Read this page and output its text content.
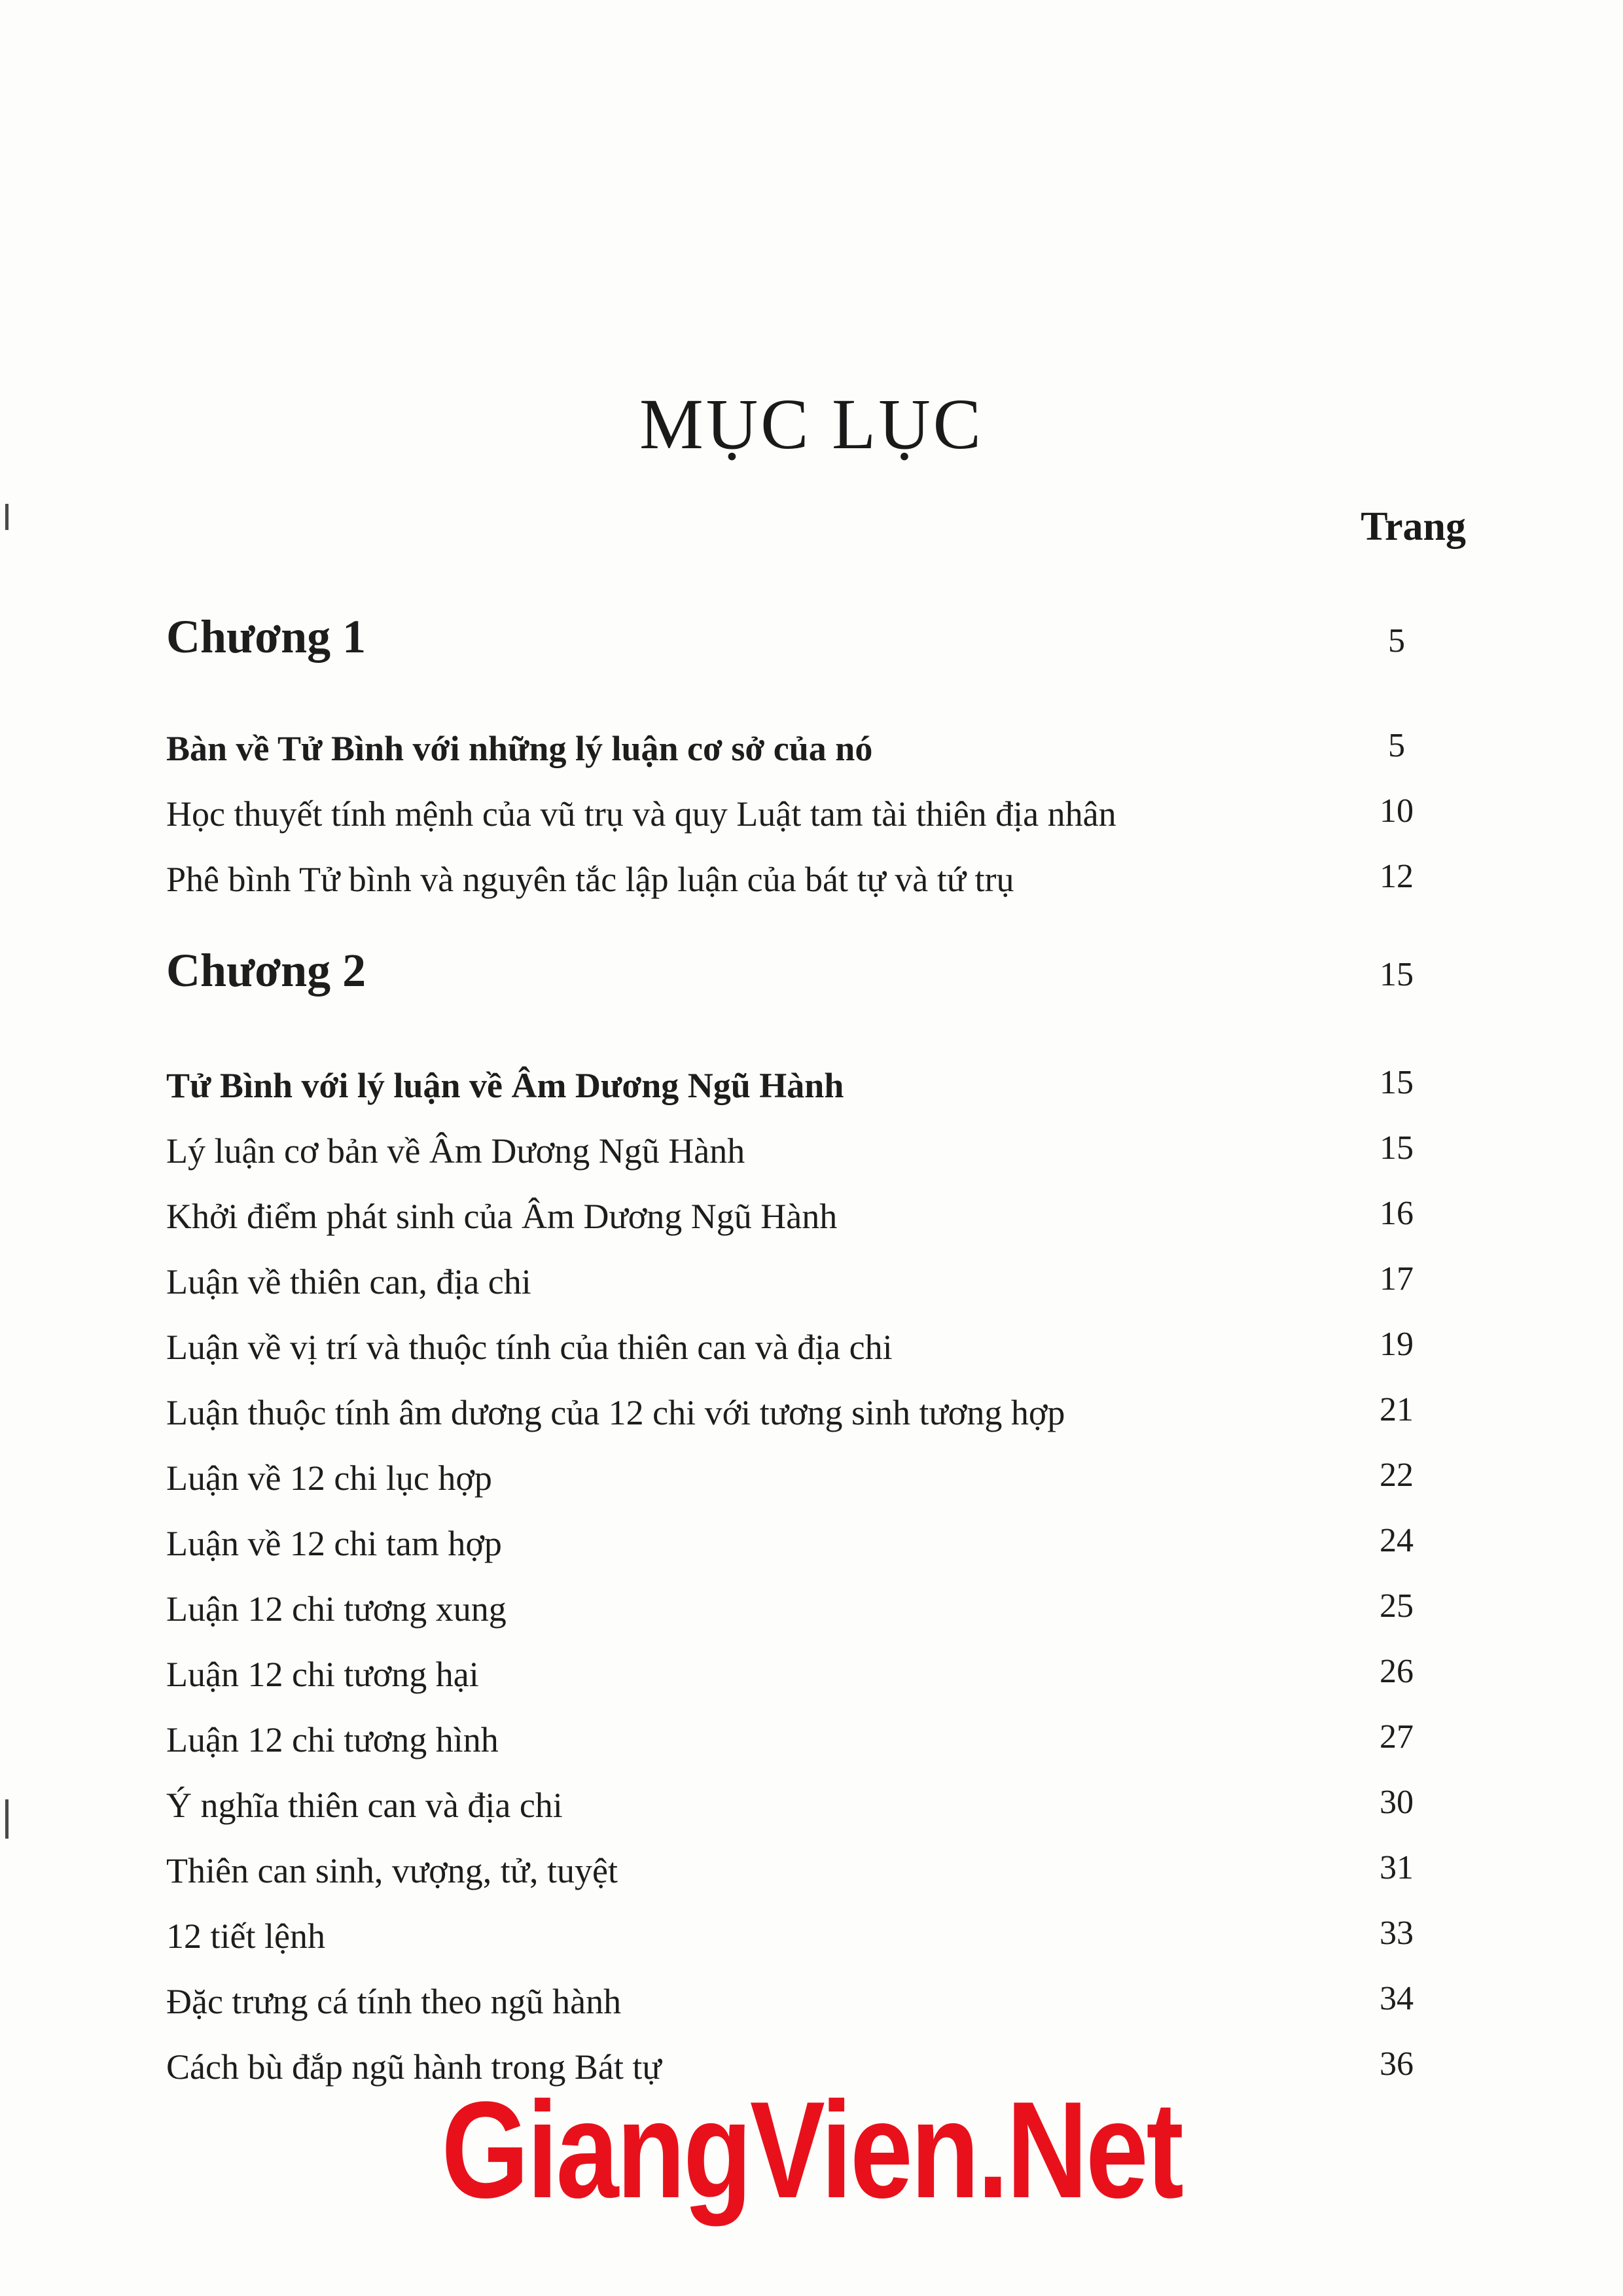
MỤC LỤC
Trang
Chương 1	5
Bàn về Tử Bình với những lý luận cơ sở của nó	5
Học thuyết tính mệnh của vũ trụ và quy Luật tam tài thiên địa nhân	10
Phê bình Tử bình và nguyên tắc lập luận của bát tự và tứ trụ	12
Chương 2	15
Tử Bình với lý luận về Âm Dương Ngũ Hành	15
Lý luận cơ bản về Âm Dương Ngũ Hành	15
Khởi điểm phát sinh của Âm Dương Ngũ Hành	16
Luận về thiên can, địa chi	17
Luận về vị trí và thuộc tính của thiên can và địa chi	19
Luận thuộc tính âm dương của 12 chi với tương sinh tương hợp	21
Luận về 12 chi lục hợp	22
Luận về 12 chi tam hợp	24
Luận 12 chi tương xung	25
Luận 12 chi tương hại	26
Luận 12 chi tương hình	27
Ý nghĩa thiên can và địa chi	30
Thiên can sinh, vượng, tử, tuyệt	31
12 tiết lệnh	33
Đặc trưng cá tính theo ngũ hành	34
Cách bù đắp ngũ hành trong Bát tự	36
GiangVien.Net
